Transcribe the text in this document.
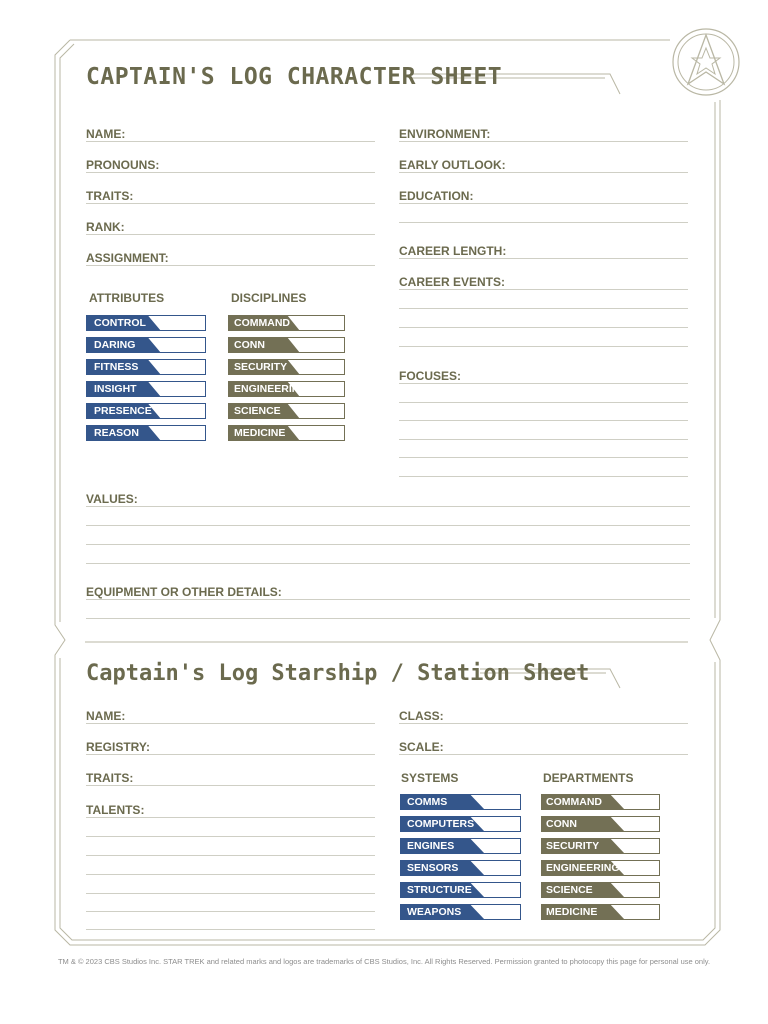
CAPTAIN'S LOG CHARACTER SHEET
NAME:
PRONOUNS:
TRAITS:
RANK:
ASSIGNMENT:
ENVIRONMENT:
EARLY OUTLOOK:
EDUCATION:
CAREER LENGTH:
CAREER EVENTS:
FOCUSES:
ATTRIBUTES
CONTROL
DARING
FITNESS
INSIGHT
PRESENCE
REASON
DISCIPLINES
COMMAND
CONN
SECURITY
ENGINEERING
SCIENCE
MEDICINE
VALUES:
EQUIPMENT OR OTHER DETAILS:
Captain's Log Starship / Station Sheet
NAME:
REGISTRY:
TRAITS:
TALENTS:
CLASS:
SCALE:
SYSTEMS
COMMS
COMPUTERS
ENGINES
SENSORS
STRUCTURE
WEAPONS
DEPARTMENTS
COMMAND
CONN
SECURITY
ENGINEERING
SCIENCE
MEDICINE
TM & © 2023 CBS Studios Inc. STAR TREK and related marks and logos are trademarks of CBS Studios, Inc. All Rights Reserved. Permission granted to photocopy this page for personal use only.
